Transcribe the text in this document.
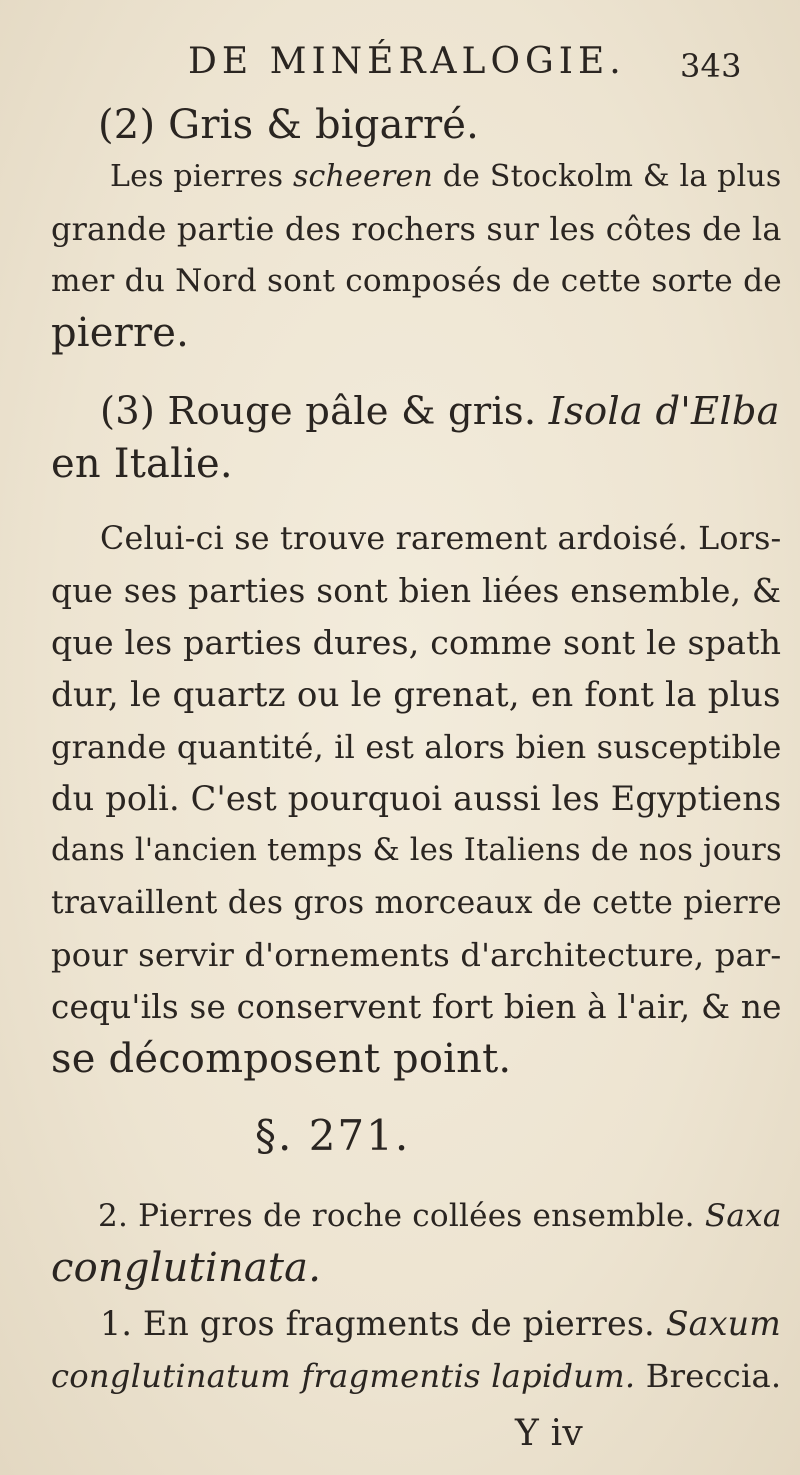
DE MINÉRALOGIE. 343
(2) Gris & bigarré.
Les pierres scheeren de Stockolm & la plus
grande partie des rochers sur les côtes de la
mer du Nord sont composés de cette sorte de
pierre.
(3) Rouge pâle & gris. Isola d'Elba
en Italie.
Celui-ci se trouve rarement ardoisé. Lors-
que ses parties sont bien liées ensemble, &
que les parties dures, comme sont le spath
dur, le quartz ou le grenat, en font la plus
grande quantité, il est alors bien susceptible
du poli. C'est pourquoi aussi les Egyptiens
dans l'ancien temps & les Italiens de nos jours
travaillent des gros morceaux de cette pierre
pour servir d'ornements d'architecture, par-
cequ'ils se conservent fort bien à l'air, & ne
se décomposent point.
§. 271.
2. Pierres de roche collées ensemble. Saxa
conglutinata.
1. En gros fragments de pierres. Saxum
conglutinatum fragmentis lapidum. Breccia.
Y iv
